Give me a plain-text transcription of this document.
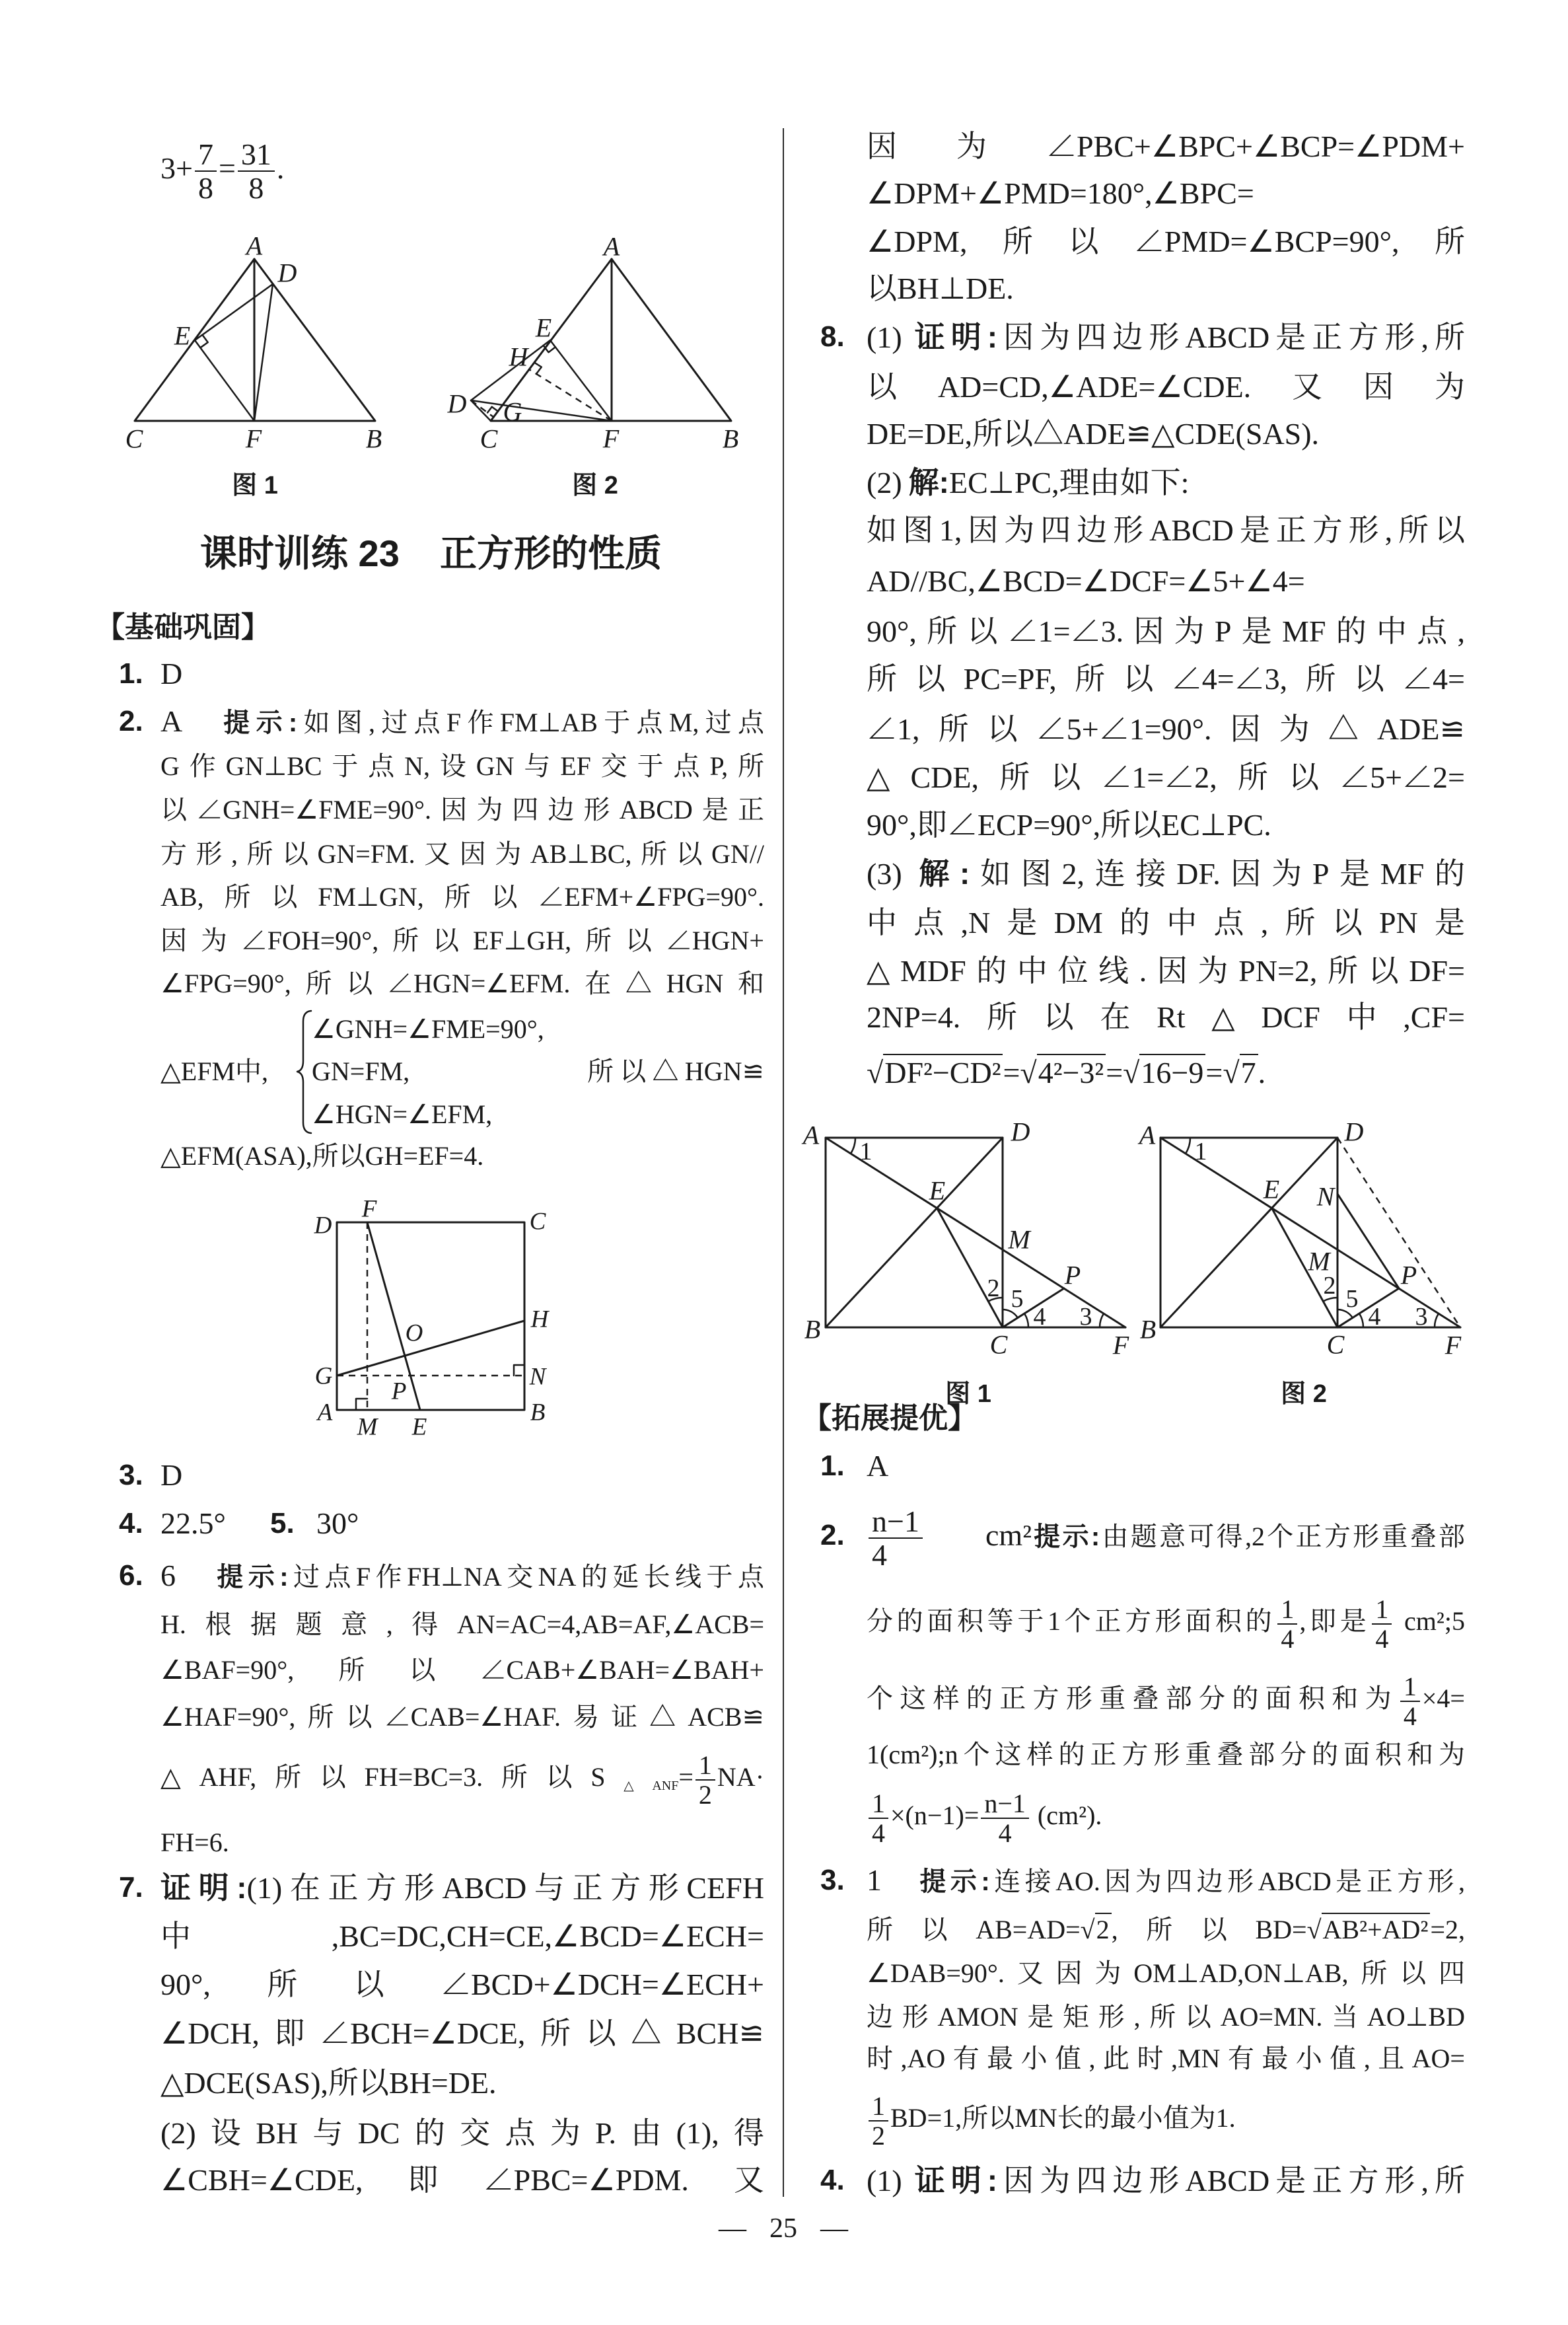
$3+ \frac{7}{8} = \frac{31}{8}$ .
课时训练 23 正方形的性质
【基础巩固】
1. D
2. A 提示:如图,过点F作FM⊥AB于点M,过点
G作GN⊥BC于点N,设GN与EF交于点P,所
以∠GNH=∠FME=90°.因为四边形ABCD是正
方形,所以GN=FM.又因为AB⊥BC,所以GN//
AB,所以FM⊥GN,所以∠EFM+∠FPG=90°.
因为∠FOH=90°,所以EF⊥GH,所以∠HGN+
∠FPG=90°,所以∠HGN=∠EFM.在△HGN和
△EFM中,
∠GNH=∠FME=90°,
GN=FM,
∠HGN=∠EFM,
所以△HGN≌
△EFM(ASA),所以GH=EF=4.
3. D
4. 22.5° 5. 30°
6. 6 提示:过点F作FH⊥NA交NA的延长线于点
H.根据题意,得AN=AC=4,AB=AF,∠ACB=
∠BAF=90°,所以∠CAB+∠BAH=∠BAH+
∠HAF=90°,所以∠CAB=∠HAF.易证△ACB≌
△AHF,所以FH=BC=3.所以$S_{\triangle ANF}= \frac{1}{2} NA\cdot$
FH=6.
7. 证明:(1)在正方形ABCD与正方形CEFH
中,BC=DC,CH=CE,∠BCD=∠ECH=
90°,所以∠BCD+∠DCH=∠ECH+
∠DCH,即∠BCH=∠DCE,所以△BCH≌
△DCE(SAS),所以BH=DE.
(2)设BH与DC的交点为P.由(1),得
∠CBH=∠CDE,即∠PBC=∠PDM.又
因为∠PBC+∠BPC+∠BCP=∠PDM+
∠DPM+∠PMD=180°,∠BPC=
∠DPM,所以∠PMD=∠BCP=90°,所
以BH⊥DE.
8. (1) 证明:因为四边形ABCD是正方形,所
以AD=CD,∠ADE=∠CDE.又因为
DE=DE,所以△ADE≌△CDE(SAS).
(2) 解:EC⊥PC,理由如下:
如图1,因为四边形ABCD是正方形,所以
AD//BC,∠BCD=∠DCF=∠5+∠4=
90°,所以∠1=∠3.因为P是MF的中点,
所以PC=PF,所以∠4=∠3,所以∠4=
∠1,所以∠5+∠1=90°.因为△ADE≌
△CDE,所以∠1=∠2,所以∠5+∠2=
90°,即∠ECP=90°,所以EC⊥PC.
(3) 解:如图2,连接DF.因为P是MF的
中点,N是DM的中点,所以PN是
△MDF的中位线.因为PN=2,所以DF=
2NP=4.所以在Rt△DCF中,CF=
√DF²−CD²=√4²−3²=√16−9=√7.
【拓展提优】
1. A
2. $\frac{n-1}{4} cm^2$提示:由题意可得,2个正方形重叠部
分的面积等于1个正方形面积的 $\frac{1}{4}$ ,即是 $\frac{1}{4}$ cm²;5
个这样的正方形重叠部分的面积和为 $\frac{1}{4} \times 4=$
1(cm²);n个这样的正方形重叠部分的面积和为
$\frac{1}{4} \times(n-1)= \frac{n-1}{4} (cm^2)$.
3. 1 提示:连接AO.因为四边形ABCD是正方形,
所以AB=AD=√2,所以BD=√AB²+AD²=2,
∠DAB=90°.又因为OM⊥AD,ON⊥AB,所以四
边形AMON是矩形,所以AO=MN.当AO⊥BD
时,AO有最小值,此时,MN有最小值,且AO=
$\frac{1}{2} BD=1$,所以MN长的最小值为1.
4. (1) 证明:因为四边形ABCD是正方形,所
— 25 —
A
D
E
C	F	B
图 1
A
E
H
D G
C	F	B
图 2
D
F	C
H
O
G	N
P
A
M E
B
A	D
E
M
P
B
C	F
1
2
3
4
5
图 1
A	D
E N
M	P
B
C	F
1
2
3
4
5
图 2
